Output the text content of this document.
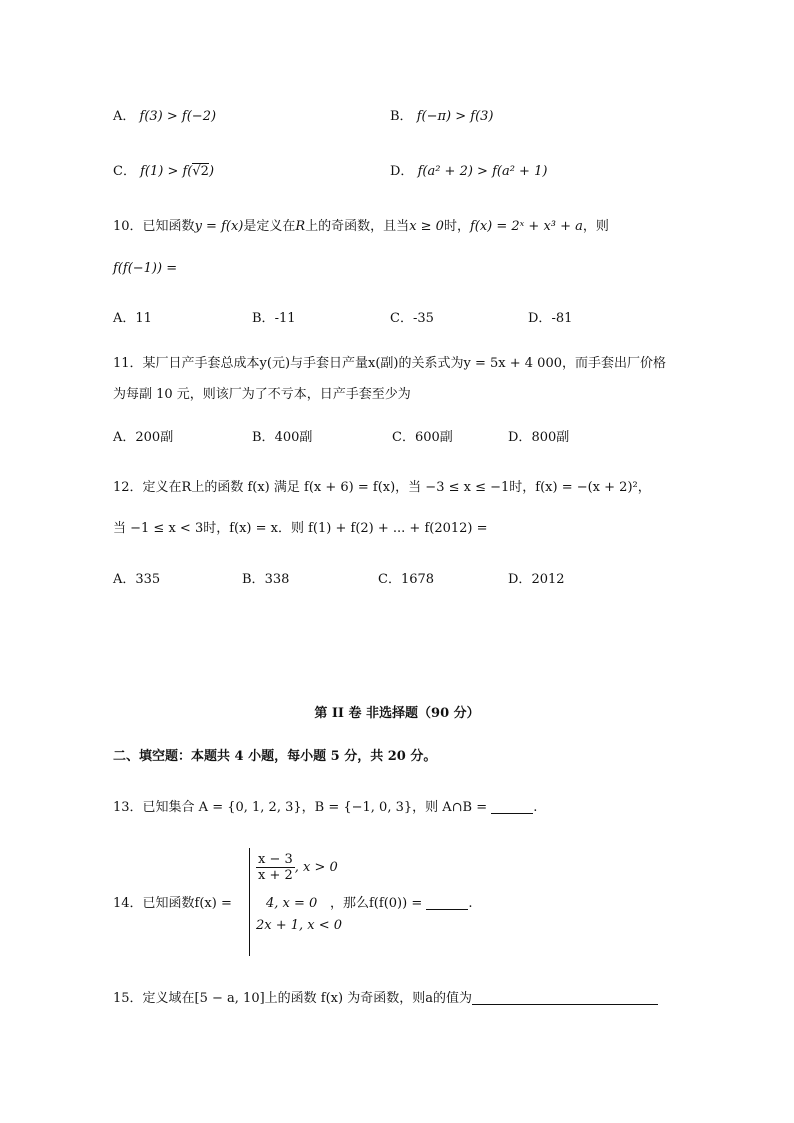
A． f(3) > f(−2)	B． f(−π) > f(3)
C． f(1) > f(√2)	D． f(a² + 2) > f(a² + 1)
10．已知函数y = f(x)是定义在R上的奇函数，且当x ≥ 0时，f(x) = 2ˣ + x³ + a，则
f(f(−1)) =
A．11	B．-11	C．-35	D．-81
11．某厂日产手套总成本y(元)与手套日产量x(副)的关系式为y = 5x + 4 000，而手套出厂价格
为每副 10 元，则该厂为了不亏本，日产手套至少为
A．200副	B．400副	C．600副	D．800副
12．定义在R上的函数 f(x) 满足 f(x + 6) = f(x)，当 −3 ≤ x ≤ −1时，f(x) = −(x + 2)²，
当 −1 ≤ x < 3时，f(x) = x．则 f(1) + f(2) + ... + f(2012) =
A．335	B．338	C．1678	D．2012
第 II 卷 非选择题（90 分）
二、填空题：本题共 4 小题，每小题 5 分，共 20 分。
13．已知集合 A = {0, 1, 2, 3}，B = {−1, 0, 3}，则 A∩B =	.
14．已知函数f(x) =
$\frac{x - 3}{x + 2}$ , x > 0
4, x = 0
2x + 1, x < 0
，那么f(f(0)) =	.
15．定义域在[5 − a, 10]上的函数 f(x) 为奇函数，则a的值为
